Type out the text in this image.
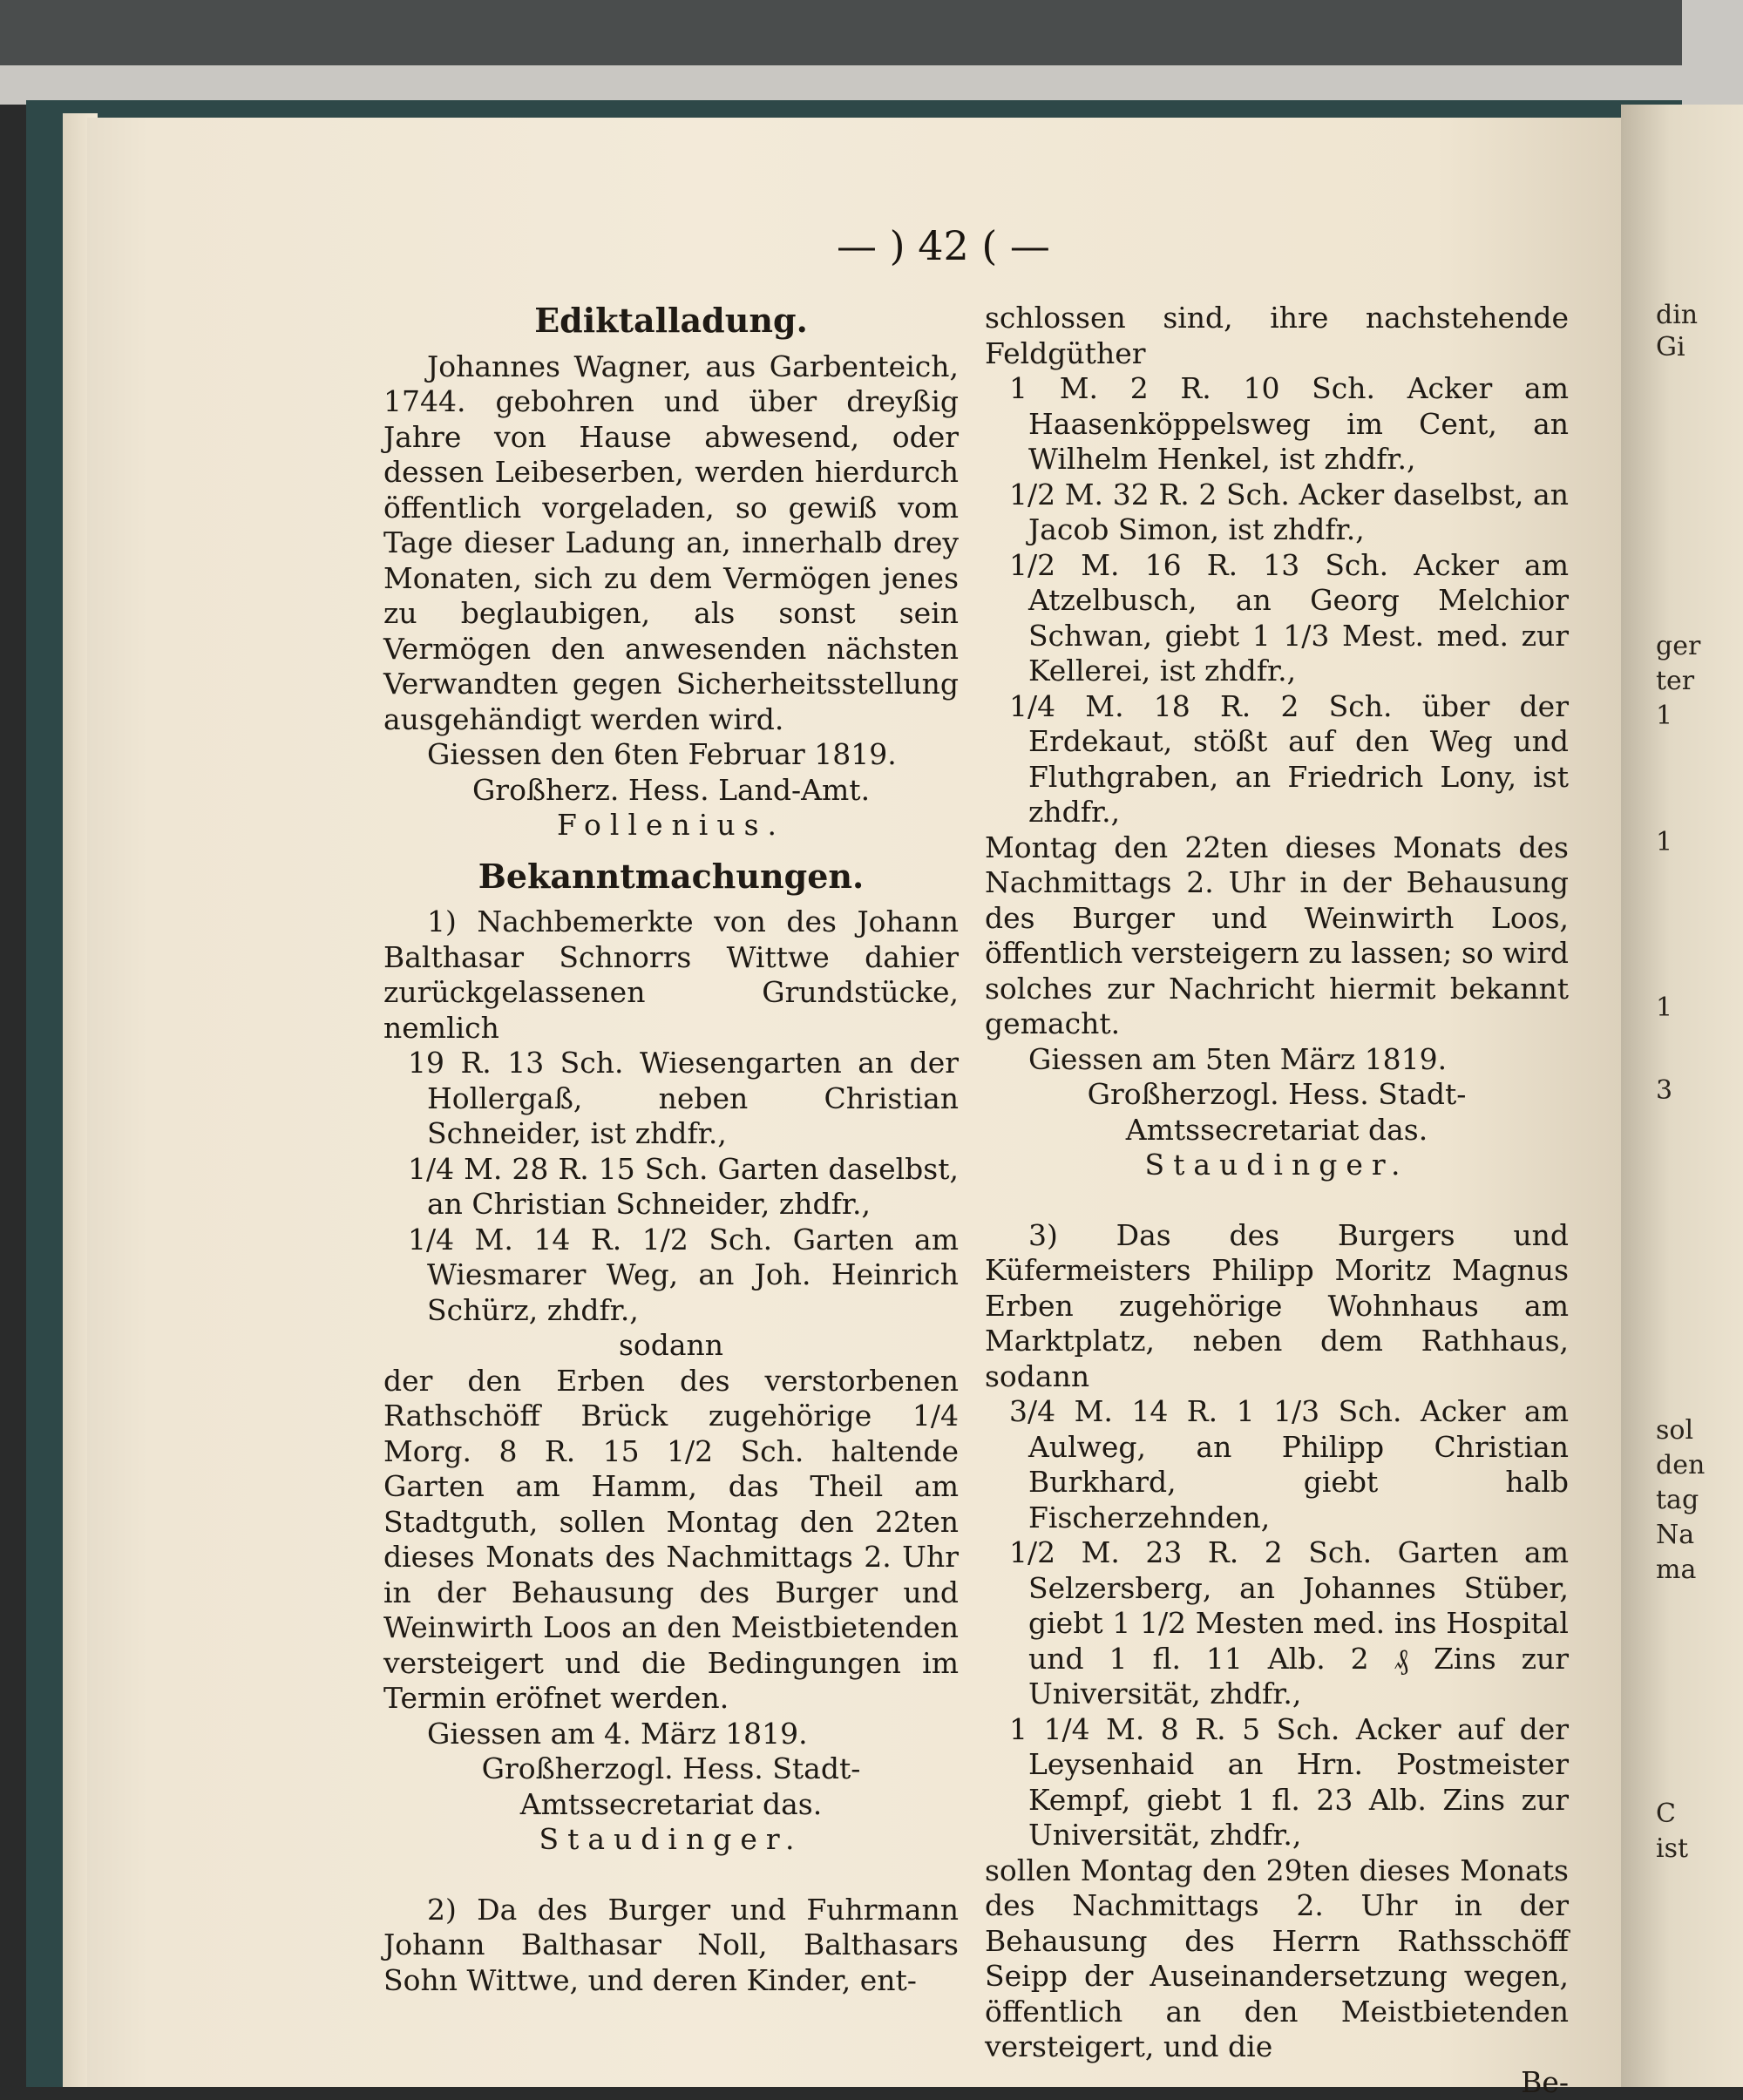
din
Gi
ger
ter
1
1
1
3
sol
den
tag
Na
ma
C
ist
— ) 42 ( —

Ediktalladung.

Johannes Wagner, aus Garbenteich, 1744. gebohren und über dreyßig Jahre von Hause abwesend, oder dessen Leibeserben, werden hierdurch öffentlich vorgeladen, so gewiß vom Tage dieser Ladung an, innerhalb drey Monaten, sich zu dem Vermögen jenes zu beglaubigen, als sonst sein Vermögen den anwesenden nächsten Verwandten gegen Sicherheitsstellung ausgehändigt werden wird.

Giessen den 6ten Februar 1819.

Großherz. Hess. Land-Amt.

Follenius.

Bekanntmachungen.

1) Nachbemerkte von des Johann Balthasar Schnorrs Wittwe dahier zurückgelassenen Grundstücke, nemlich

19 R. 13 Sch. Wiesengarten an der Hollergaß, neben Christian Schneider, ist zhdfr.,

1/4 M. 28 R. 15 Sch. Garten daselbst, an Christian Schneider, zhdfr.,

1/4 M. 14 R. 1/2 Sch. Garten am Wiesmarer Weg, an Joh. Heinrich Schürz, zhdfr.,

sodann

der den Erben des verstorbenen Rathschöff Brück zugehörige 1/4 Morg. 8 R. 15 1/2 Sch. haltende Garten am Hamm, das Theil am Stadtguth, sollen Montag den 22ten dieses Monats des Nachmittags 2. Uhr in der Behausung des Burger und Weinwirth Loos an den Meistbietenden versteigert und die Bedingungen im Termin eröfnet werden.

Giessen am 4. März 1819.

Großherzogl. Hess. Stadt-Amtssecretariat das.

Staudinger.

2) Da des Burger und Fuhrmann Johann Balthasar Noll, Balthasars Sohn Wittwe, und deren Kinder, ent-

schlossen sind, ihre nachstehende Feldgüther

1 M. 2 R. 10 Sch. Acker am Haasenköppelsweg im Cent, an Wilhelm Henkel, ist zhdfr.,

1/2 M. 32 R. 2 Sch. Acker daselbst, an Jacob Simon, ist zhdfr.,

1/2 M. 16 R. 13 Sch. Acker am Atzelbusch, an Georg Melchior Schwan, giebt 1 1/3 Mest. med. zur Kellerei, ist zhdfr.,

1/4 M. 18 R. 2 Sch. über der Erdekaut, stößt auf den Weg und Fluthgraben, an Friedrich Lony, ist zhdfr.,

Montag den 22ten dieses Monats des Nachmittags 2. Uhr in der Behausung des Burger und Weinwirth Loos, öffentlich versteigern zu lassen; so wird solches zur Nachricht hiermit bekannt gemacht.

Giessen am 5ten März 1819.

Großherzogl. Hess. Stadt-Amtssecretariat das.

Staudinger.

3) Das des Burgers und Küfermeisters Philipp Moritz Magnus Erben zugehörige Wohnhaus am Marktplatz, neben dem Rathhaus, sodann

3/4 M. 14 R. 1 1/3 Sch. Acker am Aulweg, an Philipp Christian Burkhard, giebt halb Fischerzehnden,

1/2 M. 23 R. 2 Sch. Garten am Selzersberg, an Johannes Stüber, giebt 1 1/2 Mesten med. ins Hospital und 1 fl. 11 Alb. 2 ₰ Zins zur Universität, zhdfr.,

1 1/4 M. 8 R. 5 Sch. Acker auf der Leysenhaid an Hrn. Postmeister Kempf, giebt 1 fl. 23 Alb. Zins zur Universität, zhdfr.,

sollen Montag den 29ten dieses Monats des Nachmittags 2. Uhr in der Behausung des Herrn Rathsschöff Seipp der Auseinandersetzung wegen, öffentlich an den Meistbietenden versteigert, und die

Be-
